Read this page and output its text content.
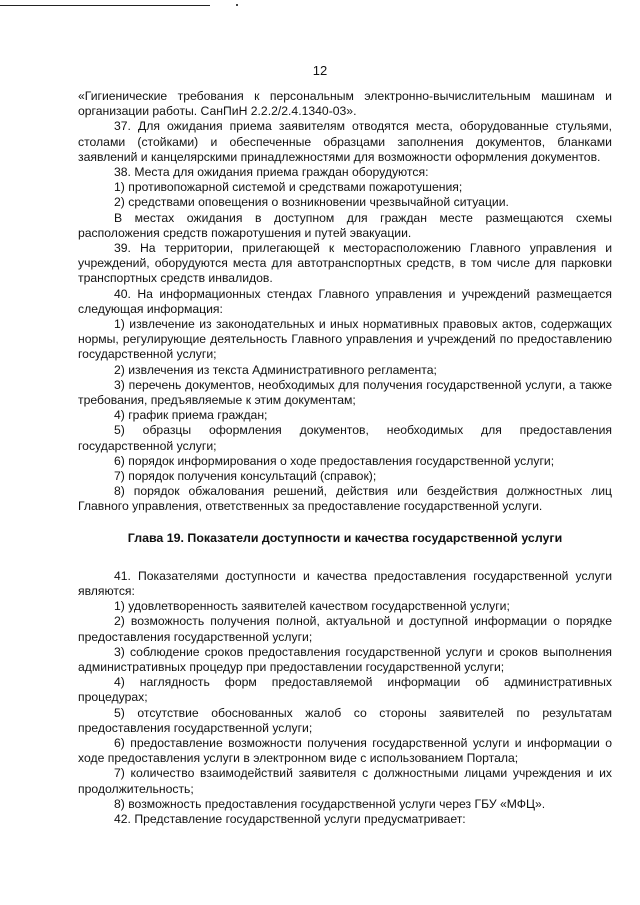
12

«Гигиенические требования к персональным электронно-вычислительным машинам и организации работы. СанПиН 2.2.2/2.4.1340-03».

37. Для ожидания приема заявителям отводятся места, оборудованные стульями, столами (стойками) и обеспеченные образцами заполнения документов, бланками заявлений и канцелярскими принадлежностями для возможности оформления документов.

38. Места для ожидания приема граждан оборудуются:

1) противопожарной системой и средствами пожаротушения;

2) средствами оповещения о возникновении чрезвычайной ситуации.

В местах ожидания в доступном для граждан месте размещаются схемы расположения средств пожаротушения и путей эвакуации.

39. На территории, прилегающей к месторасположению Главного управления и учреждений, оборудуются места для автотранспортных средств, в том числе для парковки транспортных средств инвалидов.

40. На информационных стендах Главного управления и учреждений размещается следующая информация:

1) извлечение из законодательных и иных нормативных правовых актов, содержащих нормы, регулирующие деятельность Главного управления и учреждений по предоставлению государственной услуги;

2) извлечения из текста Административного регламента;

3) перечень документов, необходимых для получения государственной услуги, а также требования, предъявляемые к этим документам;

4) график приема граждан;

5) образцы оформления документов, необходимых для предоставления государственной услуги;

6) порядок информирования о ходе предоставления государственной услуги;

7) порядок получения консультаций (справок);

8) порядок обжалования решений, действия или бездействия должностных лиц Главного управления, ответственных за предоставление государственной услуги.

Глава 19. Показатели доступности и качества государственной услуги

41. Показателями доступности и качества предоставления государственной услуги являются:

1) удовлетворенность заявителей качеством государственной услуги;

2) возможность получения полной, актуальной и доступной информации о порядке предоставления государственной услуги;

3) соблюдение сроков предоставления государственной услуги и сроков выполнения административных процедур при предоставлении государственной услуги;

4) наглядность форм предоставляемой информации об административных процедурах;

5) отсутствие обоснованных жалоб со стороны заявителей по результатам предоставления государственной услуги;

6) предоставление возможности получения государственной услуги и информации о ходе предоставления услуги в электронном виде с использованием Портала;

7) количество взаимодействий заявителя с должностными лицами учреждения и их продолжительность;

8) возможность предоставления государственной услуги через ГБУ «МФЦ».

42. Представление государственной услуги предусматривает:
